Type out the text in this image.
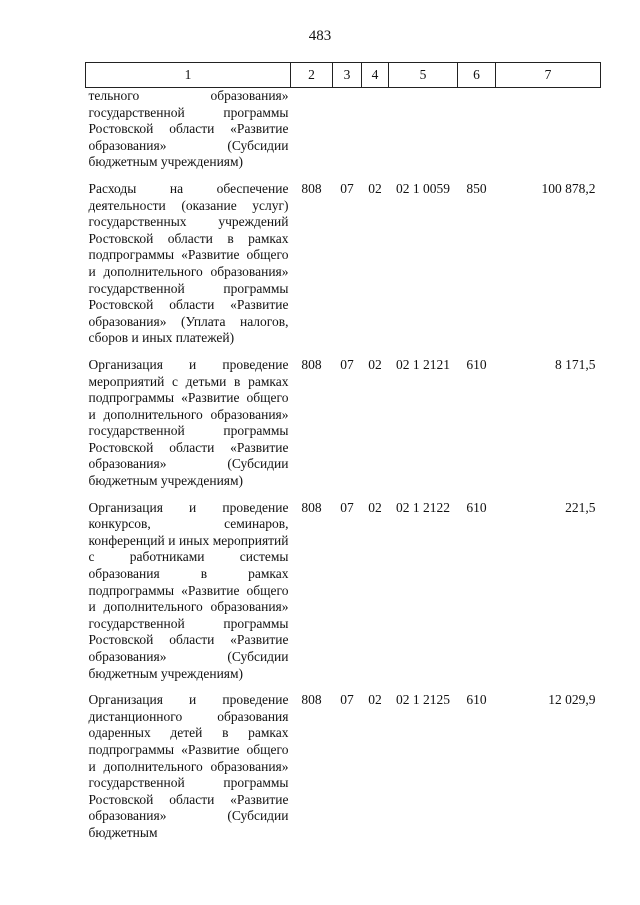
483
1	2	3	4	5	6	7
тельного образования» государственной программы Ростовской области «Развитие образования» (Субсидии бюджетным учреждениям)						
Расходы на обеспечение деятельности (оказание услуг) государственных учреждений Ростовской области в рамках подпрограммы «Развитие общего и дополнительного образования» государственной программы Ростовской области «Развитие образования» (Уплата налогов, сборов и иных платежей)	808	07	02	02 1 0059	850	100 878,2
Организация и проведение мероприятий с детьми в рамках подпрограммы «Развитие общего и дополнительного образования» государственной программы Ростовской области «Развитие образования» (Субсидии бюджетным учреждениям)	808	07	02	02 1 2121	610	8 171,5
Организация и проведение конкурсов, семинаров, конференций и иных мероприятий с работниками системы образования в рамках подпрограммы «Развитие общего и дополнительного образования» государственной программы Ростовской области «Развитие образования» (Субсидии бюджетным учреждениям)	808	07	02	02 1 2122	610	221,5
Организация и проведение дистанционного образования одаренных детей в рамках подпрограммы «Развитие общего и дополнительного образования» государственной программы Ростовской области «Развитие образования» (Субсидии бюджетным	808	07	02	02 1 2125	610	12 029,9
